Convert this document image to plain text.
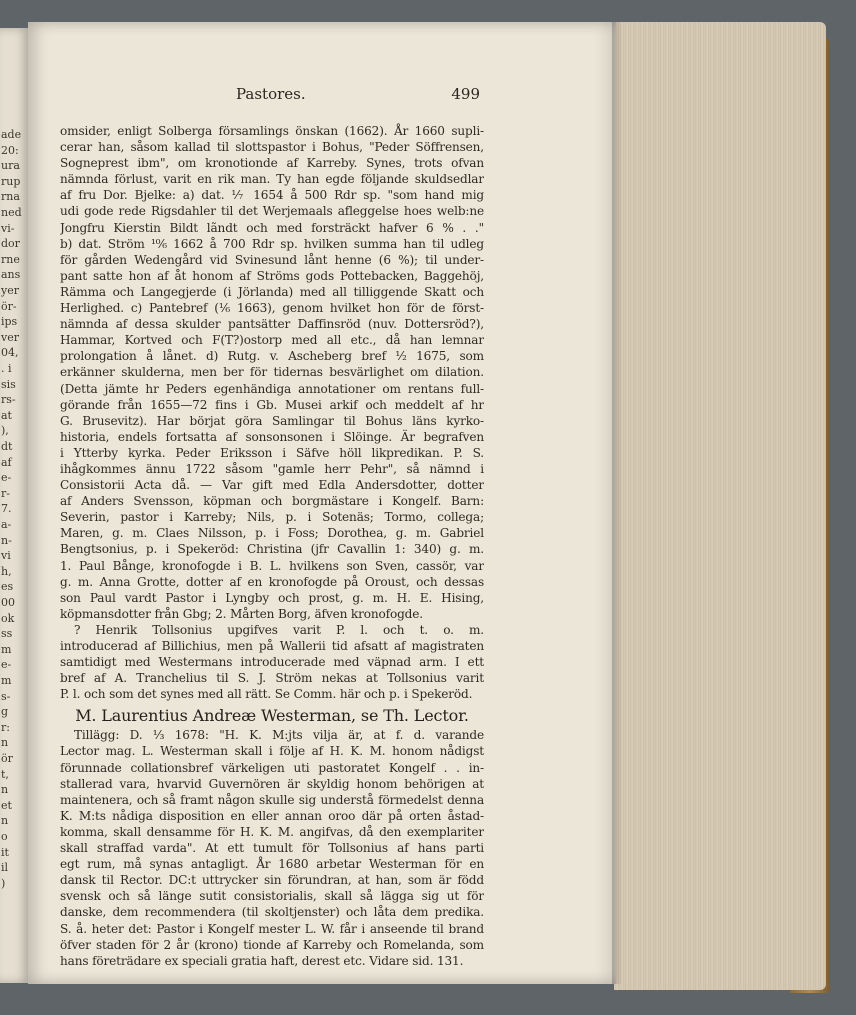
ade
20:
ura
rup
rna
ned
vi-
dor
rne
ans
yer
ör-
ips
ver
04,
. i
sis
rs-
at
),
dt
af
e-
r-
7.
a-
n-
vi
h,
es
00
ok
ss
m
e-
m
s-
g
r:
n
ör
t,
n
et
n
o
it
il
)
Pastores.	499
omsider, enligt Solberga församlings önskan (1662). År 1660 supli-
cerar han, såsom kallad til slottspastor i Bohus, "Peder Söffrensen,
Sogneprest ibm", om kronotionde af Karreby. Synes, trots ofvan
nämnda förlust, varit en rik man. Ty han egde följande skuldsedlar
af fru Dor. Bjelke: a) dat. ⅐ 1654 å 500 Rdr sp. "som hand mig
udi gode rede Rigsdahler til det Werjemaals afleggelse hoes welb:ne
Jongfru Kierstin Bildt lãndt och med forsträckt hafver 6 % . ."
b) dat. Ström ¹⁰⁄₆ 1662 å 700 Rdr sp. hvilken summa han til udleg
för gården Wedengård vid Svinesund lånt henne (6 %); til under-
pant satte hon af åt honom af Ströms gods Pottebacken, Baggehöj,
Rämma och Langegjerde (i Jörlanda) med all tilliggende Skatt och
Herlighed. c) Pantebref (¹⁄₆ 1663), genom hvilket hon för de först-
nämnda af dessa skulder pantsätter Daffinsröd (nuv. Dottersröd?),
Hammar, Kortved och F(T?)ostorp med all etc., då han lemnar
prolongation å lånet. d) Rutg. v. Ascheberg bref ¹⁄₂ 1675, som
erkänner skulderna, men ber för tidernas besvärlighet om dilation.
(Detta jämte hr Peders egenhändiga annotationer om rentans full-
görande från 1655—72 fins i Gb. Musei arkif och meddelt af hr
G. Brusevitz). Har börjat göra Samlingar til Bohus läns kyrko-
historia, endels fortsatta af sonsonsonen i Slöinge. Är begrafven
i Ytterby kyrka. Peder Eriksson i Säfve höll likpredikan. P. S.
ihågkommes ännu 1722 såsom "gamle herr Pehr", så nämnd i
Consistorii Acta då. — Var gift med Edla Andersdotter, dotter
af Anders Svensson, köpman och borgmästare i Kongelf. Barn:
Severin, pastor i Karreby; Nils, p. i Sotenäs; Tormo, collega;
Maren, g. m. Claes Nilsson, p. i Foss; Dorothea, g. m. Gabriel
Bengtsonius, p. i Spekeröd: Christina (jfr Cavallin 1: 340) g. m.
1. Paul Bånge, kronofogde i B. L. hvilkens son Sven, cassör, var
g. m. Anna Grotte, dotter af en kronofogde på Oroust, och dessas
son Paul vardt Pastor i Lyngby och prost, g. m. H. E. Hising,
köpmansdotter från Gbg; 2. Mårten Borg, äfven kronofogde.
? Henrik Tollsonius upgifves varit P. l. och t. o. m.
introducerad af Billichius, men på Wallerii tid afsatt af magistraten
samtidigt med Westermans introducerade med väpnad arm. I ett
bref af A. Tranchelius til S. J. Ström nekas at Tollsonius varit
P. l. och som det synes med all rätt. Se Comm. här och p. i Spekeröd.
M. Laurentius Andreæ Westerman, se Th. Lector.
Tillägg: D. ⅓ 1678: "H. K. M:jts vilja är, at f. d. varande
Lector mag. L. Westerman skall i följe af H. K. M. honom nådigst
förunnade collationsbref värkeligen uti pastoratet Kongelf . . in-
stallerad vara, hvarvid Guvernören är skyldig honom behörigen at
maintenera, och så framt någon skulle sig understå förmedelst denna
K. M:ts nådiga disposition en eller annan oroo där på orten åstad-
komma, skall densamme för H. K. M. angifvas, då den exemplariter
skall straffad varda". At ett tumult för Tollsonius af hans parti
egt rum, må synas antagligt. År 1680 arbetar Westerman för en
dansk til Rector. DC:t uttrycker sin förundran, at han, som är född
svensk och så länge sutit consistorialis, skall så lägga sig ut för
danske, dem recommendera (til skoltjenster) och låta dem predika.
S. å. heter det: Pastor i Kongelf mester L. W. får i anseende til brand
öfver staden för 2 år (krono) tionde af Karreby och Romelanda, som
hans företrädare ex speciali gratia haft, derest etc. Vidare sid. 131.
